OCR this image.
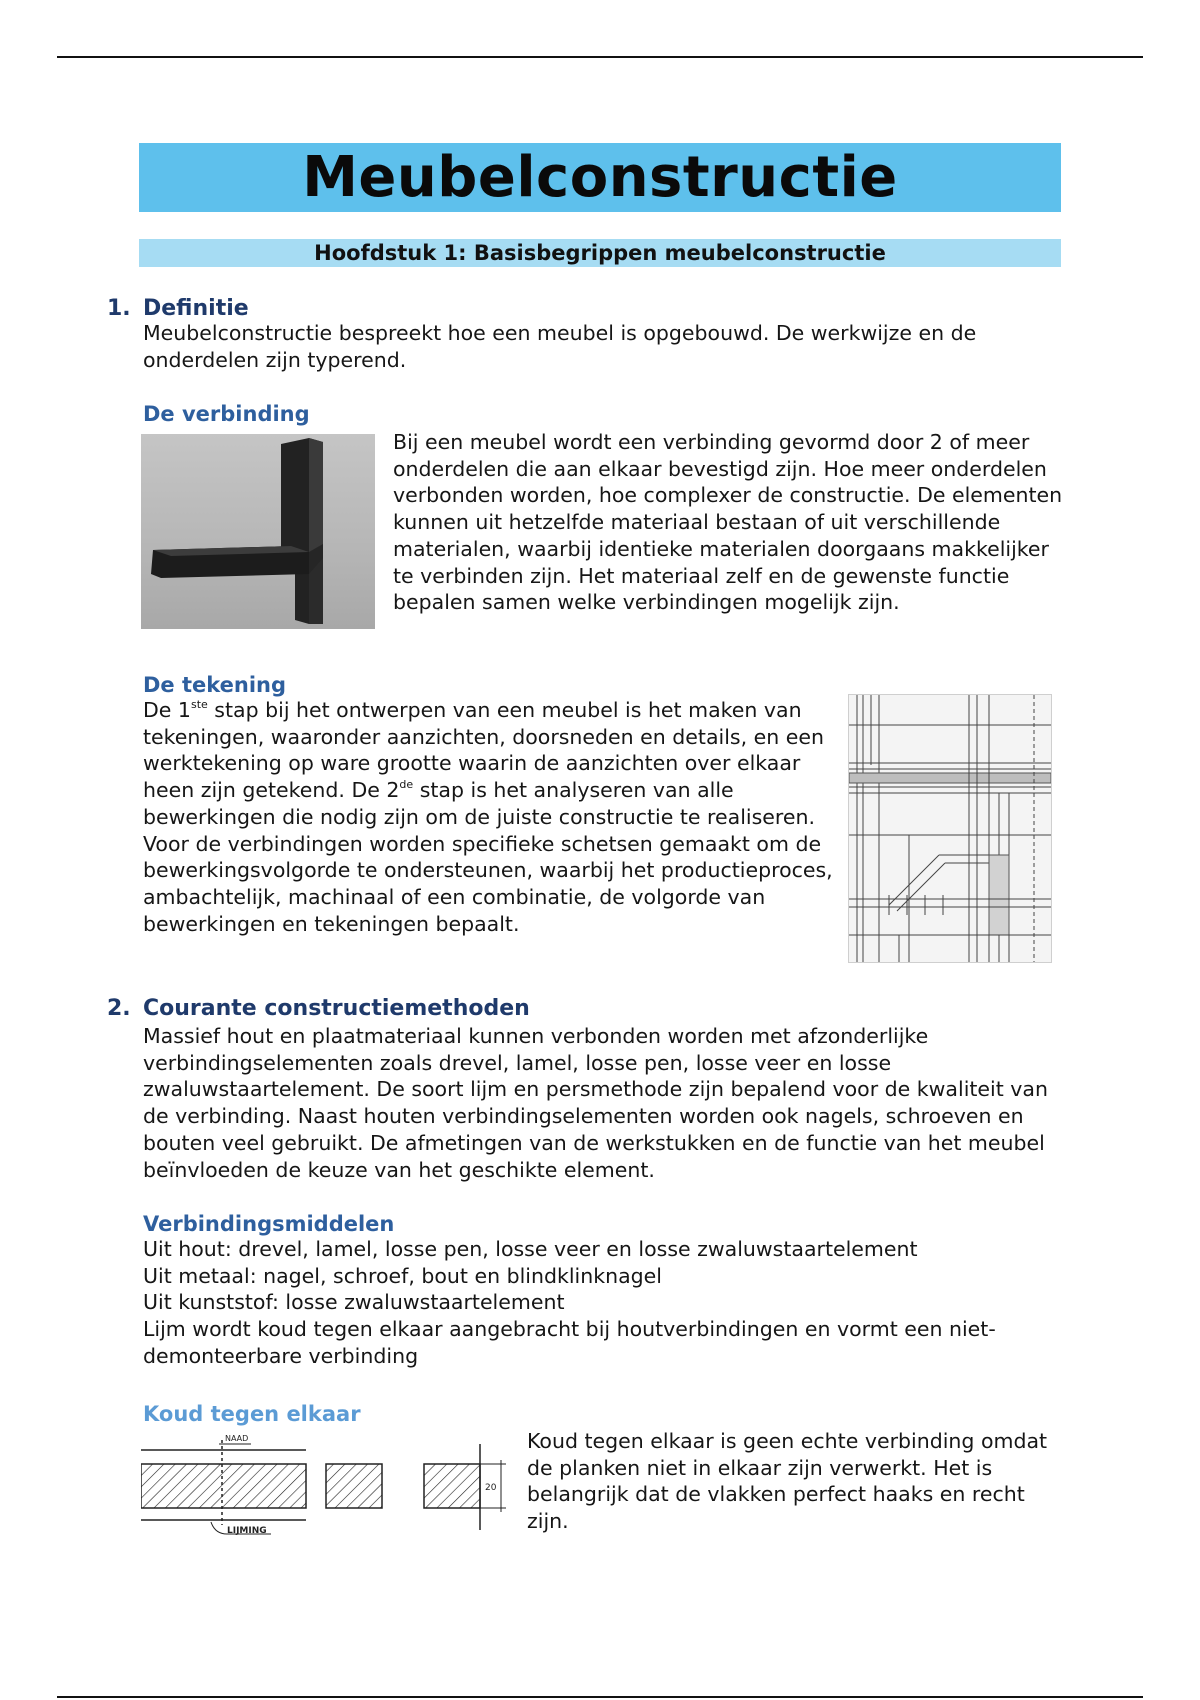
Meubelconstructie
Hoofdstuk 1: Basisbegrippen meubelconstructie
1. Definitie

Meubelconstructie bespreekt hoe een meubel is opgebouwd. De werkwijze en de onderdelen zijn typerend.

De verbinding

Bij een meubel wordt een verbinding gevormd door 2 of meer onderdelen die aan elkaar bevestigd zijn. Hoe meer onderdelen verbonden worden, hoe complexer de constructie. De elementen kunnen uit hetzelfde materiaal bestaan of uit verschillende materialen, waarbij identieke materialen doorgaans makkelijker te verbinden zijn. Het materiaal zelf en de gewenste functie bepalen samen welke verbindingen mogelijk zijn.

De tekening

De 1ste stap bij het ontwerpen van een meubel is het maken van tekeningen, waaronder aanzichten, doorsneden en details, en een werktekening op ware grootte waarin de aanzichten over elkaar heen zijn getekend. De 2de stap is het analyseren van alle bewerkingen die nodig zijn om de juiste constructie te realiseren. Voor de verbindingen worden specifieke schetsen gemaakt om de bewerkingsvolgorde te ondersteunen, waarbij het productieproces, ambachtelijk, machinaal of een combinatie, de volgorde van bewerkingen en tekeningen bepaalt.

2. Courante constructiemethoden

Massief hout en plaatmateriaal kunnen verbonden worden met afzonderlijke verbindingselementen zoals drevel, lamel, losse pen, losse veer en losse zwaluwstaartelement. De soort lijm en persmethode zijn bepalend voor de kwaliteit van de verbinding. Naast houten verbindingselementen worden ook nagels, schroeven en bouten veel gebruikt. De afmetingen van de werkstukken en de functie van het meubel beïnvloeden de keuze van het geschikte element.

Verbindingsmiddelen

Uit hout: drevel, lamel, losse pen, losse veer en losse zwaluwstaartelement

Uit metaal: nagel, schroef, bout en blindklinknagel

Uit kunststof: losse zwaluwstaartelement

Lijm wordt koud tegen elkaar aangebracht bij houtverbindingen en vormt een niet-demonteerbare verbinding

Koud tegen elkaar
NAAD
LIJMING
20

Koud tegen elkaar is geen echte verbinding omdat de planken niet in elkaar zijn verwerkt. Het is belangrijk dat de vlakken perfect haaks en recht zijn.
